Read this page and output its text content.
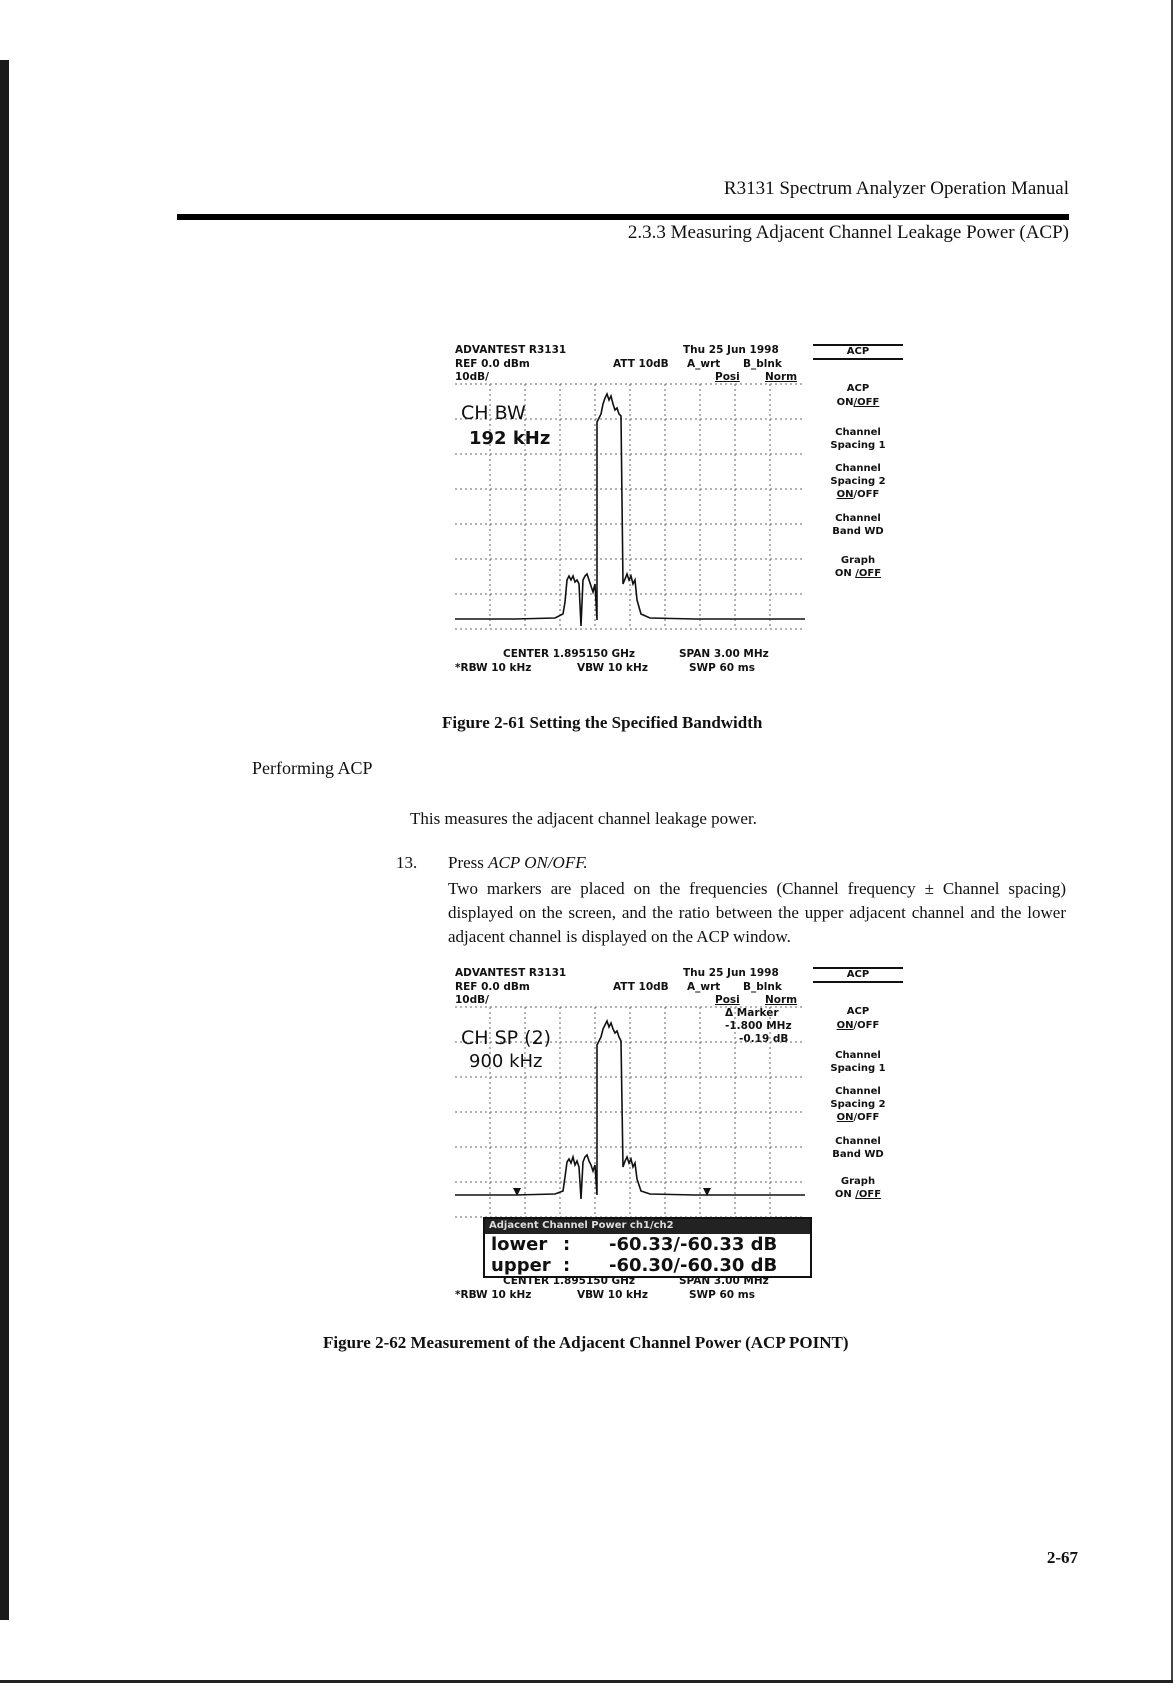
R3131 Spectrum Analyzer Operation Manual
2.3.3 Measuring Adjacent Channel Leakage Power (ACP)
ADVANTEST R3131	Thu 25 Jun 1998
REF 0.0 dBm	ATT 10dB A_wrt B_blnk
10dB/	Posi Norm
ACP
CH BW
192 kHz
ACP
ON/OFF
Channel
Spacing 1
Channel
Spacing 2
ON/OFF
Channel
Band WD
Graph
ON /OFF
CENTER 1.895150 GHz	SPAN 3.00 MHz
*RBW 10 kHz	VBW 10 kHz	SWP 60 ms
Figure 2-61 Setting the Specified Bandwidth
Performing ACP
This measures the adjacent channel leakage power.
13. Press ACP ON/OFF.
Two markers are placed on the frequencies (Channel frequency ± Channel spacing) displayed on the screen, and the ratio between the upper adjacent channel and the lower adjacent channel is displayed on the ACP window.
ADVANTEST R3131	Thu 25 Jun 1998
REF 0.0 dBm	ATT 10dB A_wrt B_blnk
10dB/	Posi Norm
Δ Marker
-1.800 MHz
-0.19 dB
ACP
CH SP (2)
900 kHz
ACP
ON/OFF
Channel
Spacing 1
Channel
Spacing 2
ON/OFF
Channel
Band WD
Graph
ON /OFF
Adjacent Channel Power ch1/ch2
lower : -60.33/-60.33 dB
upper : -60.30/-60.30 dB
CENTER 1.895150 GHz	SPAN 3.00 MHz
*RBW 10 kHz	VBW 10 kHz	SWP 60 ms
Figure 2-62 Measurement of the Adjacent Channel Power (ACP POINT)
2-67
